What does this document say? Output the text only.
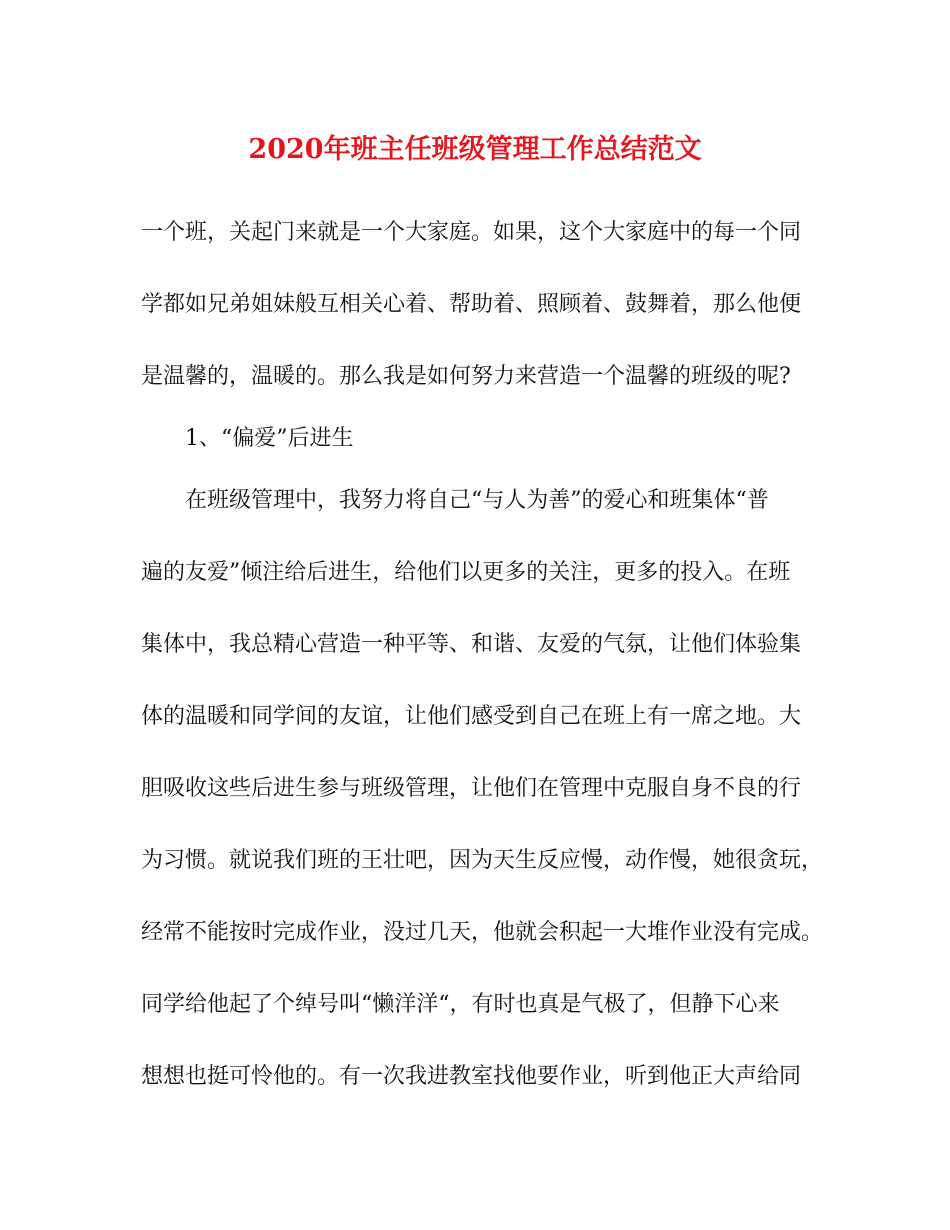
2020年班主任班级管理工作总结范文

一个班，关起门来就是一个大家庭。如果，这个大家庭中的每一个同

学都如兄弟姐妹般互相关心着、帮助着、照顾着、鼓舞着，那么他便

是温馨的，温暖的。那么我是如何努力来营造一个温馨的班级的呢?

1、“偏爱”后进生

在班级管理中，我努力将自己“与人为善”的爱心和班集体“普

遍的友爱”倾注给后进生，给他们以更多的关注，更多的投入。在班

集体中，我总精心营造一种平等、和谐、友爱的气氛，让他们体验集

体的温暖和同学间的友谊，让他们感受到自己在班上有一席之地。大

胆吸收这些后进生参与班级管理，让他们在管理中克服自身不良的行

为习惯。就说我们班的王壮吧，因为天生反应慢，动作慢，她很贪玩，

经常不能按时完成作业，没过几天，他就会积起一大堆作业没有完成。

同学给他起了个绰号叫“懒洋洋“，有时也真是气极了，但静下心来

想想也挺可怜他的。有一次我进教室找他要作业，听到他正大声给同
